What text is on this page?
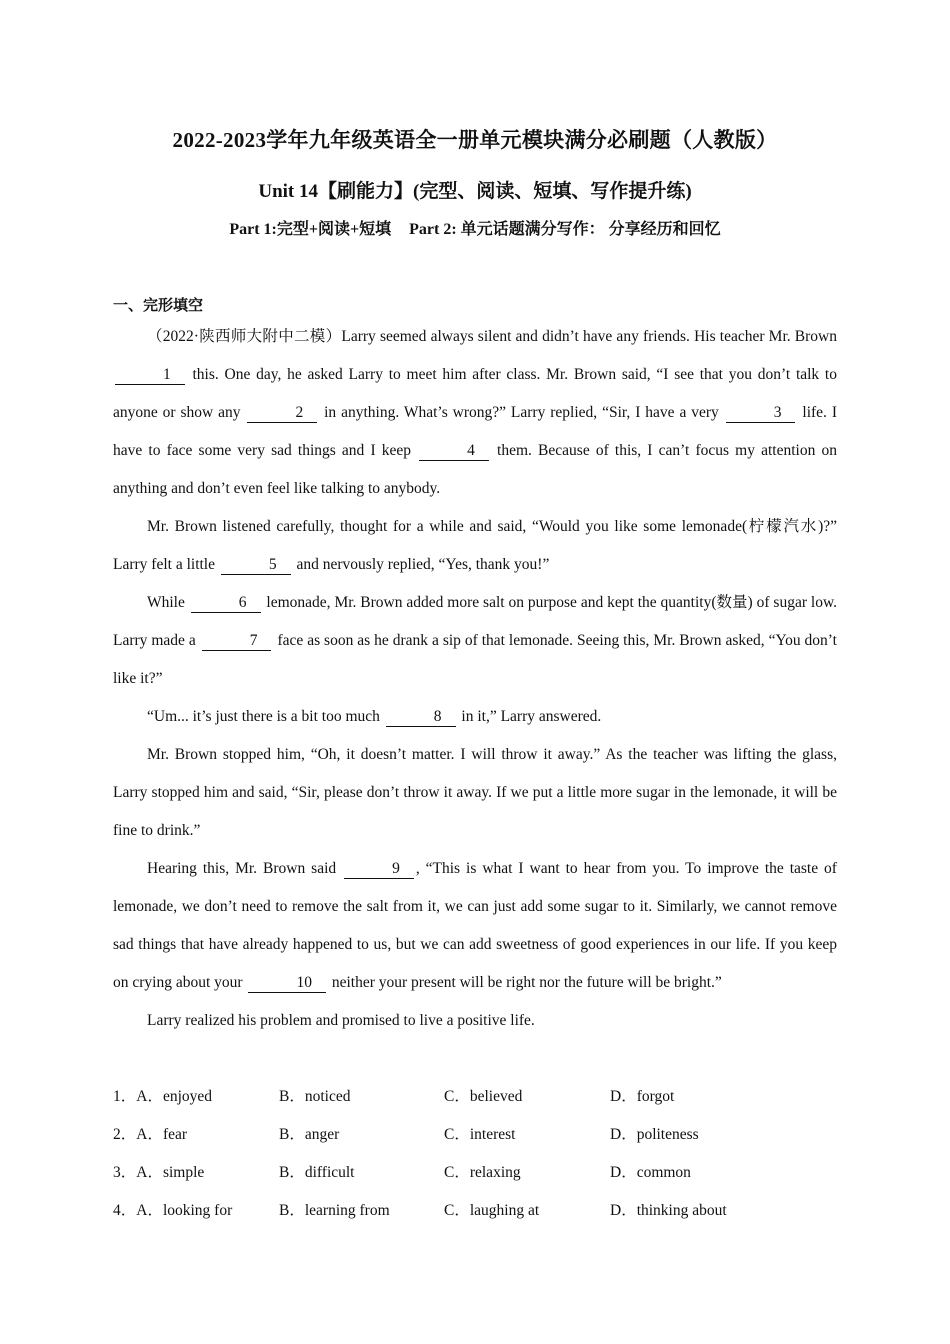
2022-2023学年九年级英语全一册单元模块满分必刷题（人教版）
Unit 14【刷能力】(完型、阅读、短填、写作提升练)
Part 1:完型+阅读+短填 Part 2: 单元话题满分写作： 分享经历和回忆
一、完形填空

（2022·陕西师大附中二模）Larry seemed always silent and didn’t have any friends. His teacher Mr. Brown 1 this. One day, he asked Larry to meet him after class. Mr. Brown said, “I see that you don’t talk to anyone or show any	2 in anything. What’s wrong?” Larry replied, “Sir, I have a very	3 life. I have to face some very sad things and I keep	4 them. Because of this, I can’t focus my attention on anything and don’t even feel like talking to anybody.

Mr. Brown listened carefully, thought for a while and said, “Would you like some lemonade(柠檬汽水)?” Larry felt a little	5 and nervously replied, “Yes, thank you!”

While	6 lemonade, Mr. Brown added more salt on purpose and kept the quantity(数量) of sugar low. Larry made a	7 face as soon as he drank a sip of that lemonade. Seeing this, Mr. Brown asked, “You don’t like it?”

“Um... it’s just there is a bit too much	8 in it,” Larry answered.

Mr. Brown stopped him, “Oh, it doesn’t matter. I will throw it away.” As the teacher was lifting the glass, Larry stopped him and said, “Sir, please don’t throw it away. If we put a little more sugar in the lemonade, it will be fine to drink.”

Hearing this, Mr. Brown said	9 , “This is what I want to hear from you. To improve the taste of lemonade, we don’t need to remove the salt from it, we can just add some sugar to it. Similarly, we cannot remove sad things that have already happened to us, but we can add sweetness of good experiences in our life. If you keep on crying about your	10 neither your present will be right nor the future will be bright.”

Larry realized his problem and promised to live a positive life.

1．A．enjoyed	B．noticed	C．believed	D．forgot
2．A．fear	B．anger	C．interest	D．politeness
3．A．simple	B．difficult	C．relaxing	D．common
4．A．looking for	B．learning from	C．laughing at	D．thinking about
